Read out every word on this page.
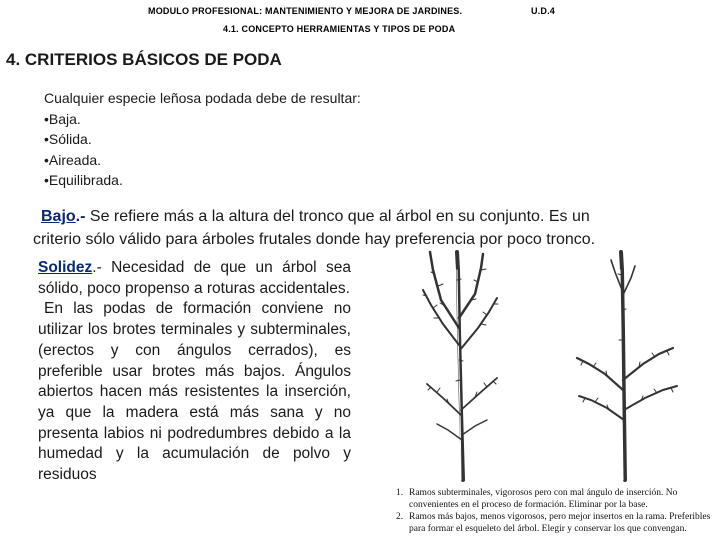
MODULO PROFESIONAL: MANTENIMIENTO Y MEJORA DE JARDINES.	U.D.4
4.1. CONCEPTO HERRAMIENTAS Y TIPOS DE PODA
4. CRITERIOS BÁSICOS DE PODA
Cualquier especie leñosa podada debe de resultar:
•Baja.
•Sólida.
•Aireada.
•Equilibrada.
Bajo.- Se refiere más a la altura del tronco que al árbol en su conjunto. Es un
criterio sólo válido para árboles frutales donde hay preferencia por poco tronco.

Solidez.- Necesidad de que un árbol sea sólido, poco propenso a roturas accidentales.

En las podas de formación conviene no utilizar los brotes terminales y subterminales, (erectos y con ángulos cerrados), es preferible usar brotes más bajos. Ángulos abiertos hacen más resistentes la inserción, ya que la madera está más sana y no presenta labios ni podredumbres debido a la humedad y la acumulación de polvo y residuos

1. Ramos subterminales, vigorosos pero con mal ángulo de inserción. No convenientes en el proceso de formación. Eliminar por la base.
2. Ramos más bajos, menos vigorosos, pero mejor insertos en la rama. Preferibles para formar el esqueleto del árbol. Elegir y conservar los que convengan.
